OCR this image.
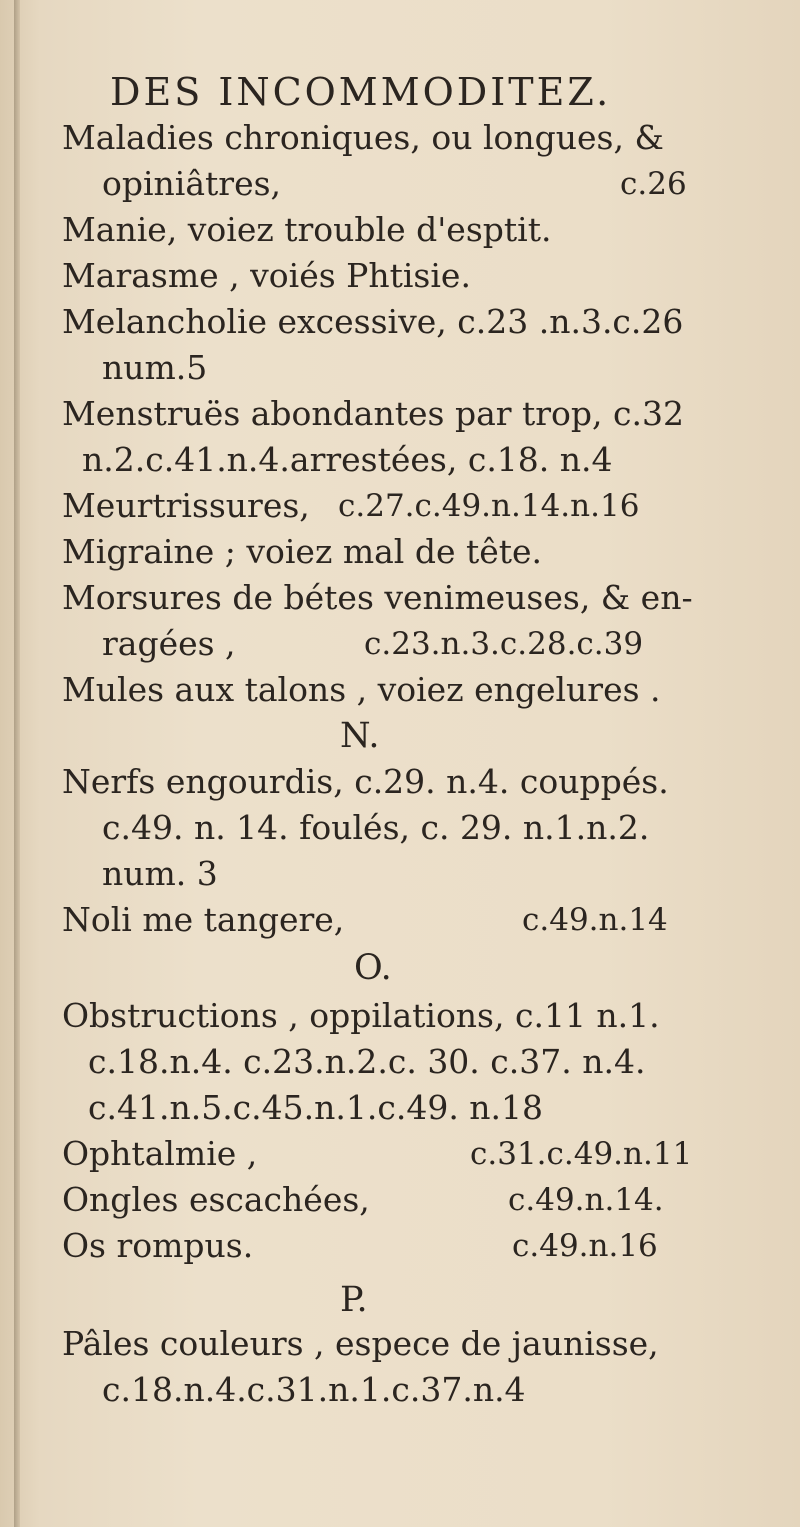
DES INCOMMODITEZ.
Maladies chroniques, ou longues, &
opiniâtres,	c.26
Manie, voiez trouble d'esptit.
Marasme , voiés Phtisie.
Melancholie excessive, c.23 .n.3.c.26
num.5
Menstruës abondantes par trop, c.32
n.2.c.41.n.4.arrestées, c.18. n.4
Meurtrissures, c.27.c.49.n.14.n.16
Migraine ; voiez mal de tête.
Morsures de bétes venimeuses, & en-
ragées ,	c.23.n.3.c.28.c.39
Mules aux talons , voiez engelures .
N.
Nerfs engourdis, c.29. n.4. couppés.
c.49. n. 14. foulés, c. 29. n.1.n.2.
num. 3
Noli me tangere,	c.49.n.14
O.
Obstructions , oppilations, c.11 n.1.
c.18.n.4. c.23.n.2.c. 30. c.37. n.4.
c.41.n.5.c.45.n.1.c.49. n.18
Ophtalmie ,	c.31.c.49.n.11
Ongles escachées,	c.49.n.14.
Os rompus.	c.49.n.16
P.
Pâles couleurs , espece de jaunisse,
c.18.n.4.c.31.n.1.c.37.n.4
